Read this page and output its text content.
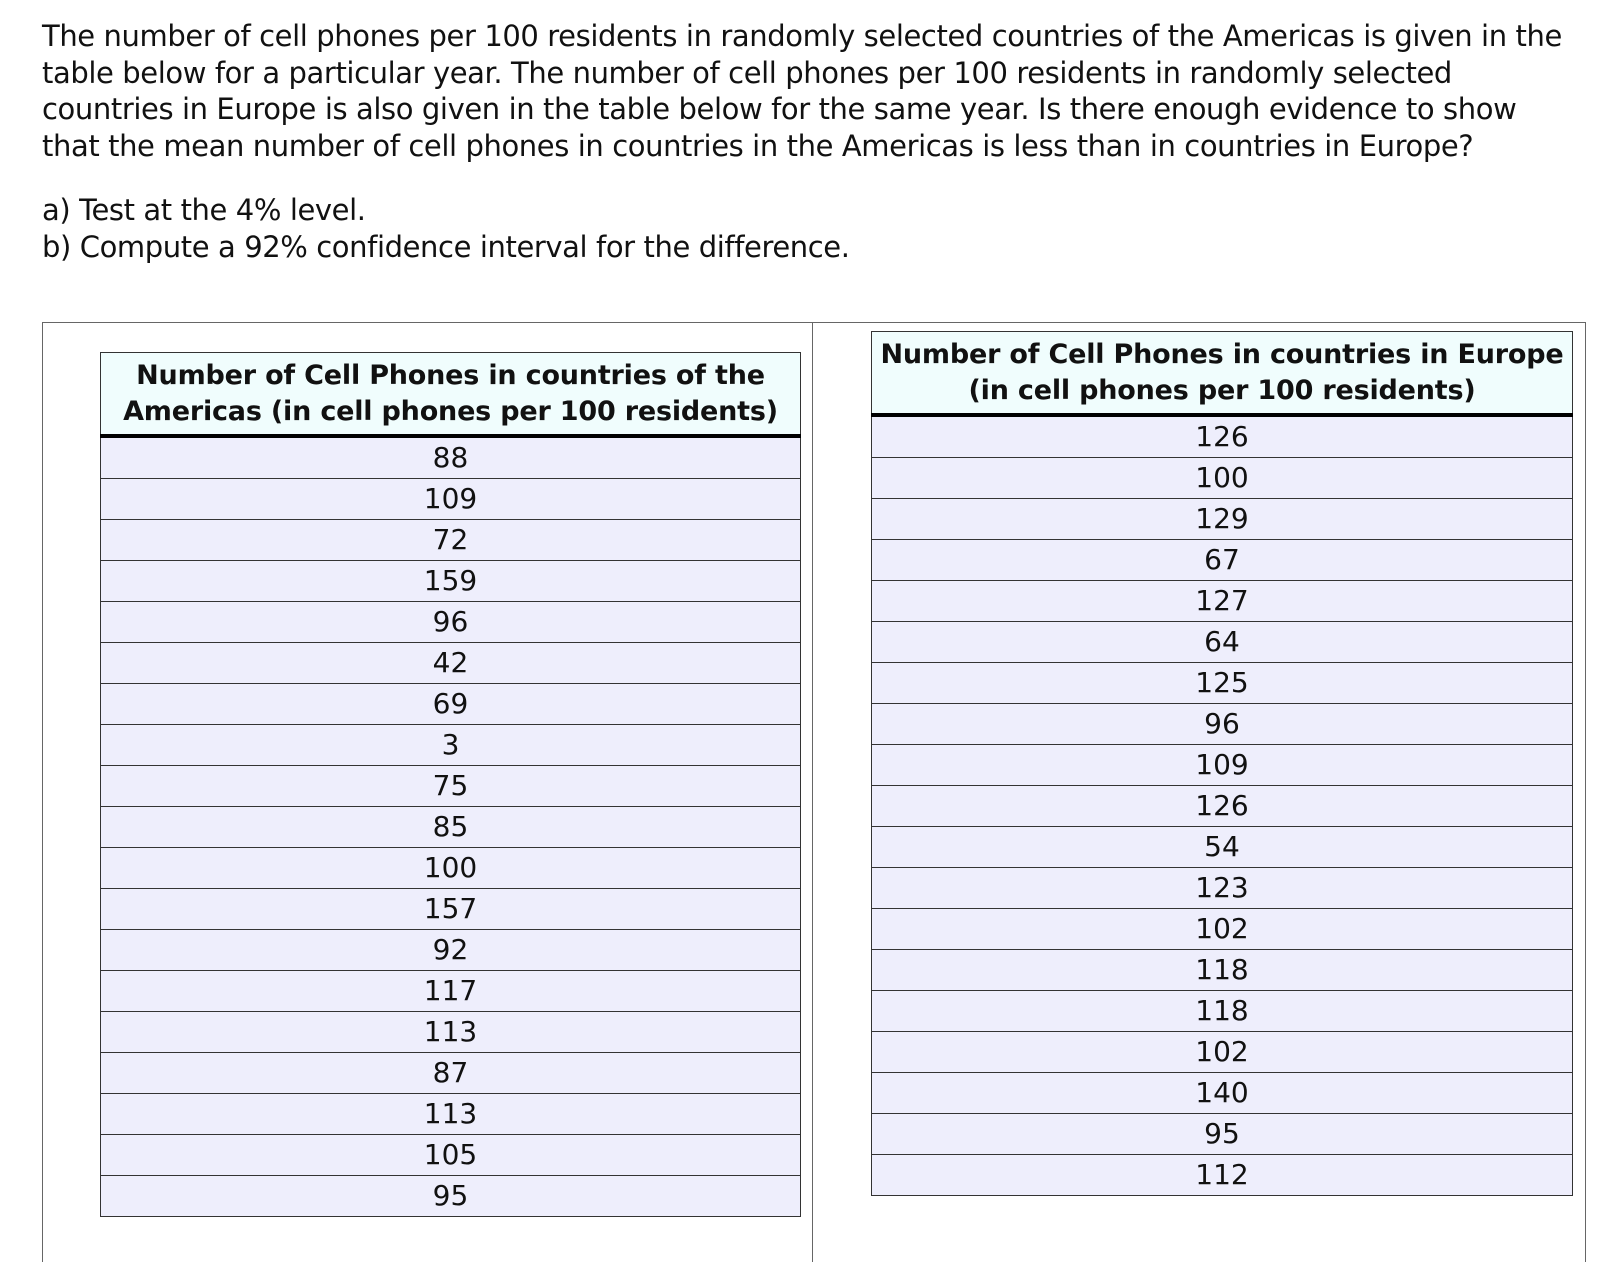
The number of cell phones per 100 residents in randomly selected countries of the Americas is given in the table below for a particular year. The number of cell phones per 100 residents in randomly selected countries in Europe is also given in the table below for the same year. Is there enough evidence to show that the mean number of cell phones in countries in the Americas is less than in countries in Europe?

a) Test at the 4% level.
b) Compute a 92% confidence interval for the difference.
Number of Cell Phones in countries of the Americas (in cell phones per 100 residents)
88
109
72
159
96
42
69
3
75
85
100
157
92
117
113
87
113
105
95
Number of Cell Phones in countries in Europe (in cell phones per 100 residents)
126
100
129
67
127
64
125
96
109
126
54
123
102
118
118
102
140
95
112
